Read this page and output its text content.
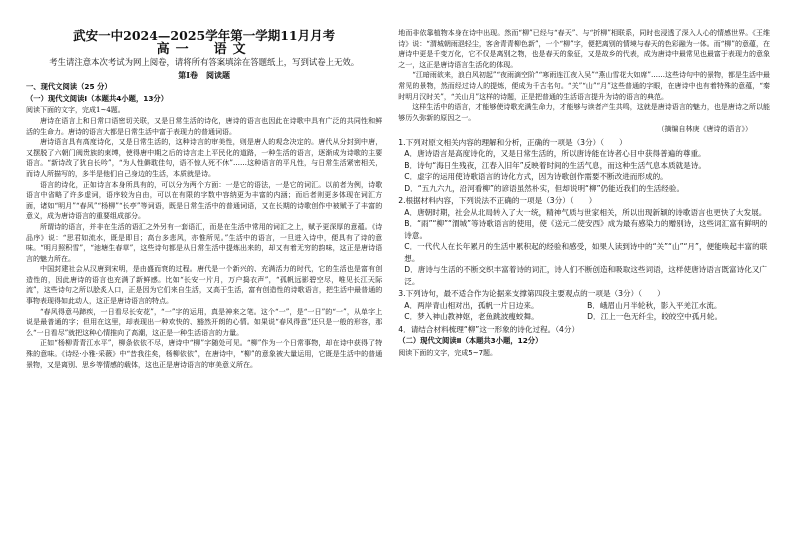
武安一中2024—2025学年第一学期11月月考

高一　语文

考生请注意本次考试为网上阅卷，请将所有答案填涂在答题纸上，写到试卷上无效。

第Ⅰ卷　阅读题

一、现代文阅读（25 分）

（一）现代文阅读Ⅰ（本题共4小题，13分）

阅读下面的文字，完成1~4题。

唐诗在语言上和日常口语密切关联，又是日常生活的诗化，唐诗的语言也因此在诗歌中具有广泛的共同性和鲜活的生命力。唐诗的语言大都是日常生活中富于表现力的普通词语。

唐诗语言具有高度诗化，又是日常生活的，这种诗言的审美性，则是唐人的观念决定的。唐代从分封到中唐，又摆脱了六朝门阀贵族的束缚，使得唐中期之后的诗言走上平民化的道路，一种生活的语言，逐渐成为诗歌的主要语言。“新诗改了犹自长吟”，“为人性僻耽佳句，语不惊人死不休”……这种语言的平凡性，与日常生活紧密相关，而诗人所描写的，多半是他们自己身边的生活，本质就是诗。

语言的诗化，正如诗言本身所具有的，可以分为两个方面：一是它的语法，一是它的词汇。以前者为例，诗歌语言中省略了许多虚词，语序较为自由，可以在有限的字数中容纳更为丰富的内涵；而后者则更多体现在词汇方面，诸如“明月”“春风”“杨柳”“长亭”等词语，既是日常生活中的普通词语，又在长期的诗歌创作中被赋予了丰富的意义，成为唐诗语言的重要组成部分。

所谓诗的语言，并非在生活的语汇之外另有一套语汇，而是在生活中常用的词汇之上，赋予更深厚的意蕴。《诗品序》说：“思君如流水，既是即目；高台多悲风，亦惟所见。”生活中的语言，一旦进入诗中，便具有了诗的意味。“明月照积雪”，“池塘生春草”，这些诗句都是从日常生活中提炼出来的，却又有着无穷的韵味，这正是唐诗语言的魅力所在。

中国封建社会从汉唐到宋明，是由盛而衰的过程。唐代是一个新兴的、充满活力的时代，它的生活也是富有创造性的，因此唐诗的语言也充满了新鲜感。比如“长安一片月，万户捣衣声”，“孤帆远影碧空尽，唯见长江天际流”，这些诗句之所以脍炙人口，正是因为它们来自生活，又高于生活，富有创造性的诗歌语言，把生活中最普通的事物表现得如此动人，这正是唐诗语言的特点。

“春风得意马蹄疾，一日看尽长安花”，“一”字的运用，真是神来之笔。这个“一”，是“一日”的“一”，从单字上说是最普通的字；但用在这里，却表现出一种欢快的、豁然开朗的心情。如果说“春风得意”还只是一般的形容，那么“一日看尽”就把这种心情推向了高潮，这正是一种生活语言的力量。

正如“杨柳青青江水平”，柳条依依不尽，唐诗中“柳”字随处可见。“柳”作为一个日常事物，却在诗中获得了特殊的意味。《诗经·小雅·采薇》中“昔我往矣，杨柳依依”，在唐诗中，“柳”的意象被大量运用，它既是生活中的普通景物，又是离别、思乡等情感的载体，这也正是唐诗语言的审美意义所在。

地而非依靠植物本身在诗中出现。然而“柳”已经与“春天”、与“折柳”相联系，同时也浸透了深入人心的情感世界。《王维诗》说：“渭城朝雨浥轻尘，客舍青青柳色新”，一个“柳”字，便把离别的情境与春天的色彩融为一体。而“柳”的意蕴，在唐诗中更是千变万化，它不仅是离别之物，也是春天的象征，又是故乡的代表，成为唐诗中最常见也最富于表现力的意象之一，这正是唐诗语言生活化的体现。

“江暗雨欲来，浪白风初起”“夜雨滴空阶”“寒雨连江夜入吴”“燕山雪花大如席”……这些诗句中的景物，都是生活中最常见的景物，然而经过诗人的提炼，便成为千古名句。“关”“山”“月”这些普通的字眼，在唐诗中也有着特殊的意蕴，“秦时明月汉时关”，“关山月”这样的诗题，正是把普通的生活语言提升为诗的语言的典范。

这样生活中的语言，才能够使诗歌充满生命力，才能够与读者产生共鸣，这就是唐诗语言的魅力，也是唐诗之所以能够历久弥新的原因之一。

（摘编自林庚《唐诗的语言》）

1.下列对原文相关内容的理解和分析，正确的一项是（3分）（　　）

A．唐诗语言是高度诗化的，又是日常生活的，所以唐诗能在诗者心目中获得普遍的尊重。

B．诗句“海日生残夜，江春入旧年”反映着时间的生活气息，而这种生活气息本质就是诗。

C．虚字的运用使诗歌语言的诗化方式，因为诗歌创作需要不断改进而形成的。

D．“五九六九，沿河看柳”的谚语虽然朴实，但却说明“柳”仍能近我们的生活经验。

2.根据材料内容，下列说法不正确的一项是（3分）（　　）

A．唐朝时期，社会从北局转入了大一统，精神气质与世家相关，所以出现新颖的诗歌语言也更快了大发展。

B．“雨”“柳”“渭城”等诗歌语言的使用，使《送元二使安西》成为最有感染力的赠别诗，这些词汇富有鲜明的诗意。

C．一代代人在长年累月的生活中累积起的经验和感受，如果人读到诗中的“关”“山”“月”，便能唤起丰富的联想。

D．唐诗与生活的不断交织丰富着诗的词汇，诗人们不断创造和吸取这些词语，这样使唐诗语言既富诗化又广泛。

3.下列诗句，最不适合作为论据来支撑第四段主要观点的一项是（3分）（　　）

A．两岸青山相对出，孤帆一片日边来。	B．峨眉山月半轮秋，影入平羌江水流。
C．梦入神山教神妪，老鱼跳波瘦蛟舞。	D．江上一色无纤尘，皎皎空中孤月轮。

4．请结合材料梳理“柳”这一形象的诗化过程。（4分）

（二）现代文阅读Ⅱ（本题共3小题，12分）

阅读下面的文字，完成5~7题。
